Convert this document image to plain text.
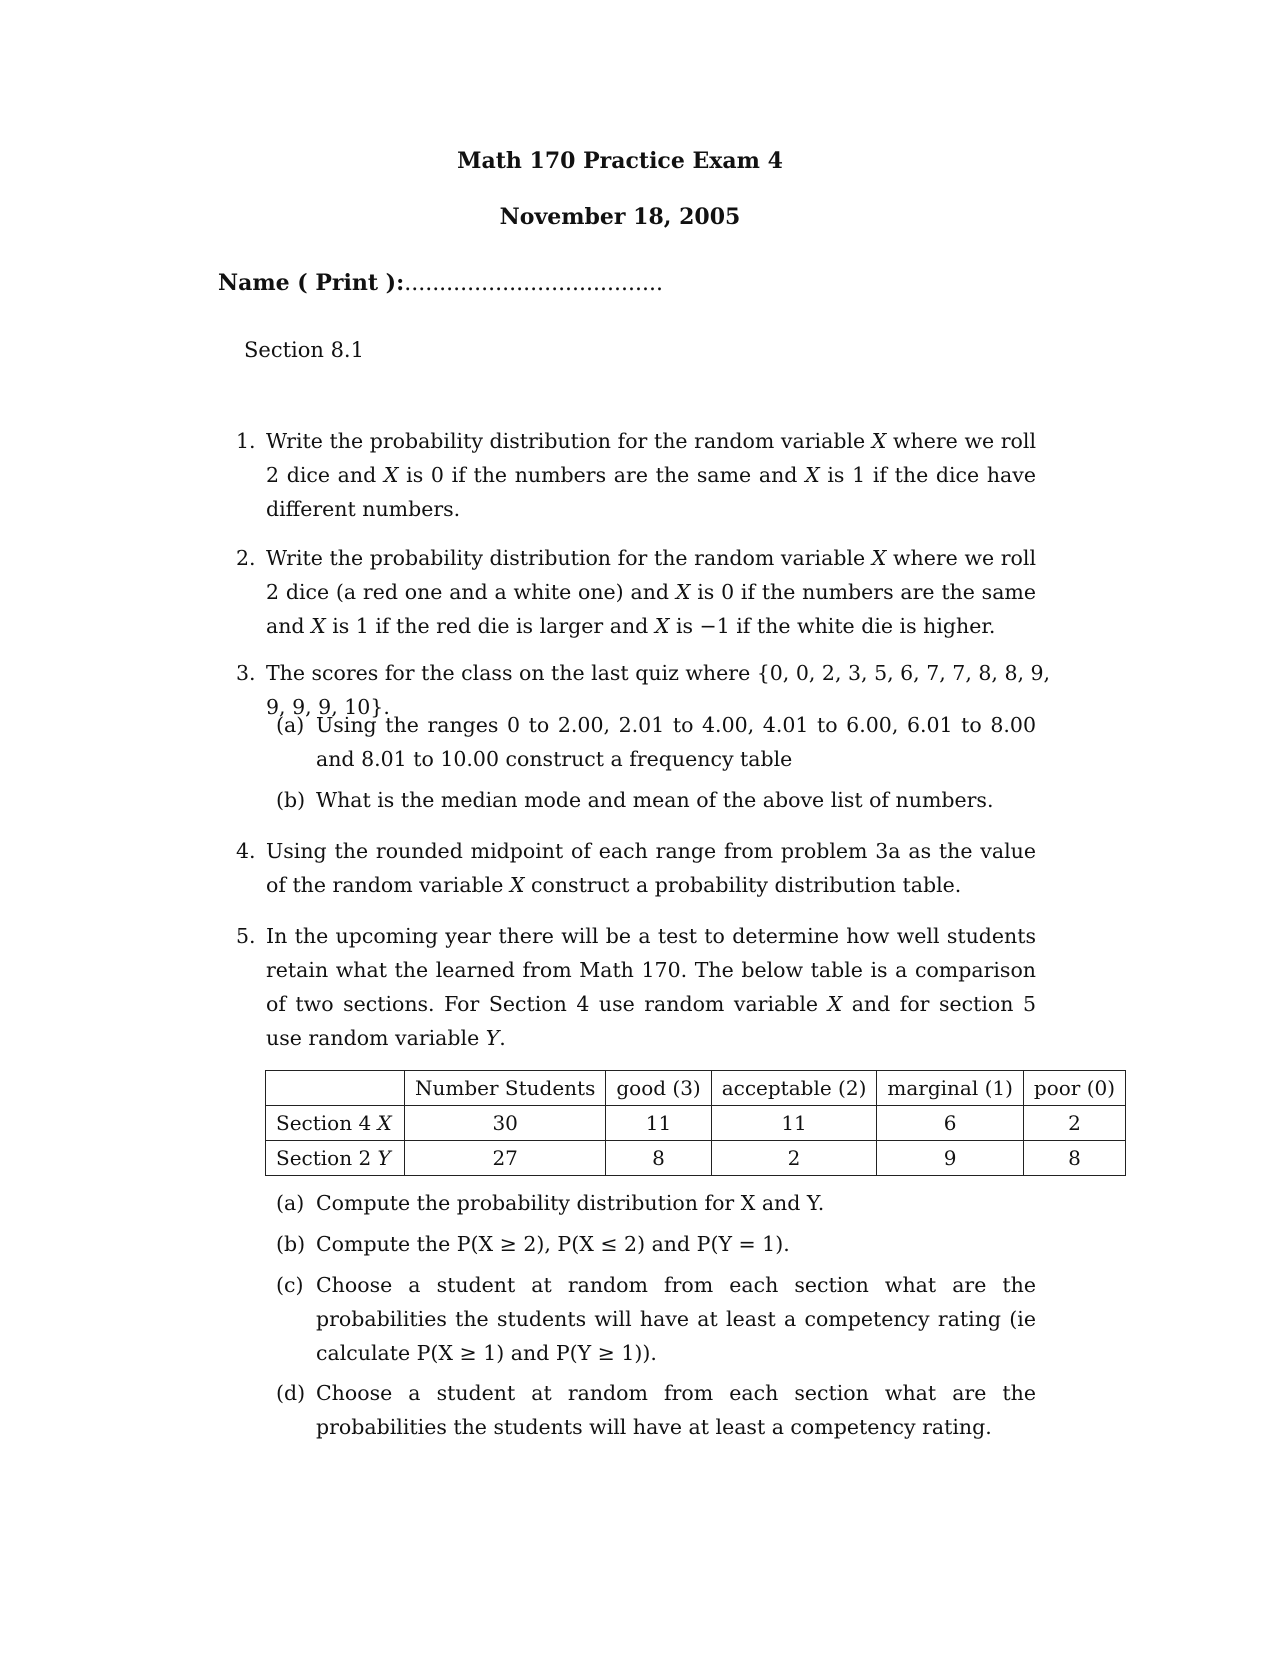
Math 170 Practice Exam 4
November 18, 2005
Name ( Print ):.....................................
Section 8.1
1. Write the probability distribution for the random variable X where we roll 2 dice and X is 0 if the numbers are the same and X is 1 if the dice have different numbers.
2. Write the probability distribution for the random variable X where we roll 2 dice (a red one and a white one) and X is 0 if the numbers are the same and X is 1 if the red die is larger and X is −1 if the white die is higher.
3. The scores for the class on the last quiz where {0, 0, 2, 3, 5, 6, 7, 7, 8, 8, 9, 9, 9, 9, 10}.
(a) Using the ranges 0 to 2.00, 2.01 to 4.00, 4.01 to 6.00, 6.01 to 8.00 and 8.01 to 10.00 construct a frequency table
(b) What is the median mode and mean of the above list of numbers.
4. Using the rounded midpoint of each range from problem 3a as the value of the random variable X construct a probability distribution table.
5. In the upcoming year there will be a test to determine how well students retain what the learned from Math 170. The below table is a comparison of two sections. For Section 4 use random variable X and for section 5 use random variable Y.
	Number Students	good (3)	acceptable (2)	marginal (1)	poor (0)
Section 4 X	30	11	11	6	2
Section 2 Y	27	8	2	9	8
(a) Compute the probability distribution for X and Y.
(b) Compute the P(X ≥ 2), P(X ≤ 2) and P(Y = 1).
(c) Choose a student at random from each section what are the probabilities the students will have at least a competency rating (ie calculate P(X ≥ 1) and P(Y ≥ 1)).
(d) Choose a student at random from each section what are the probabilities the students will have at least a competency rating.
